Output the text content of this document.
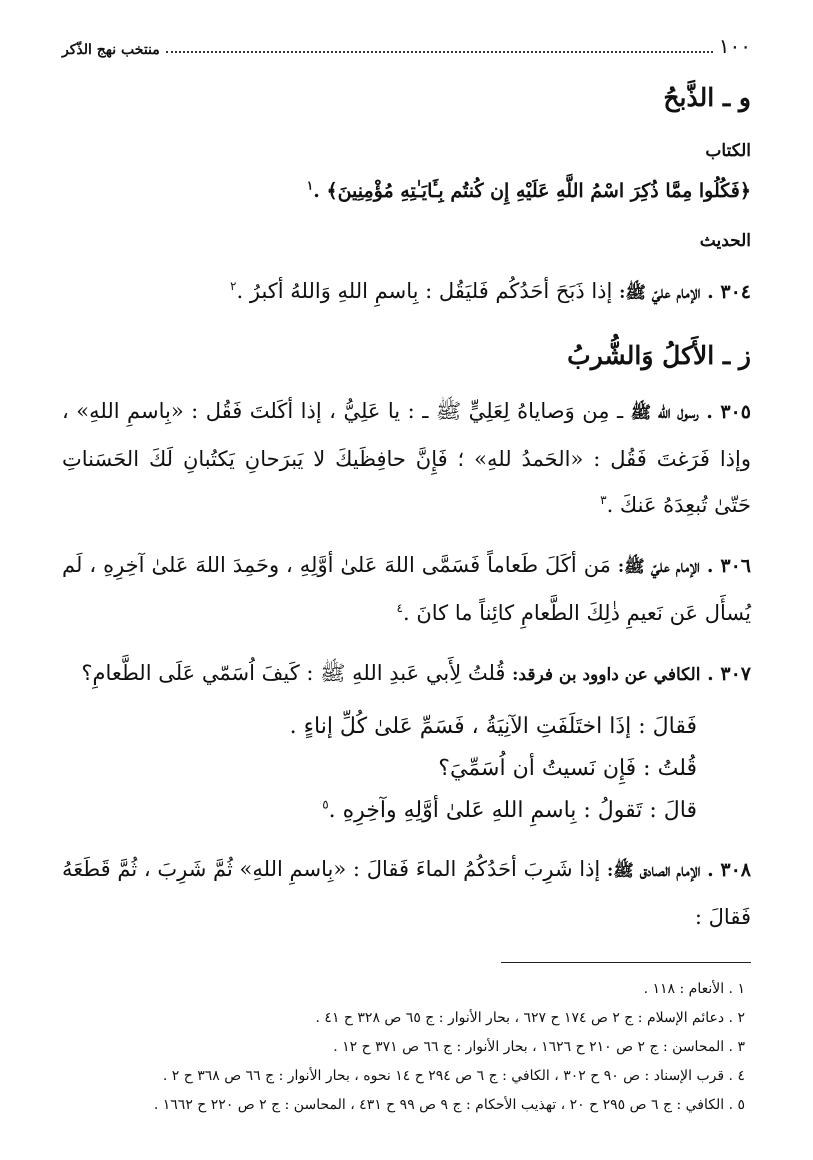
١٠٠
منتخب نهج الذّكر
و ـ الذَّبحُ
الكتاب
﴿فَكُلُوا مِمَّا ذُكِرَ اسْمُ اللَّهِ عَلَيْهِ إِن كُنتُم بِـَٔايَـٰتِهِ مُؤْمِنِينَ﴾ .$^١$
الحديث
٣٠٤ . الإمام عليّ ﷺ: إذا ذَبَحَ أحَدُكُم فَليَقُل : بِاسمِ اللهِ وَاللهُ أكبرُ .$^٢$
ز ـ الأَكلُ وَالشُّربُ
٣٠٥ . رسول الله ﷺ ـ مِن وَصاياهُ لِعَلِيٍّ ﷺ ـ : يا عَلِيُّ ، إذا أكَلتَ فَقُل : «بِاسمِ اللهِ» ، وإذا فَرَغتَ فَقُل : «الحَمدُ للهِ» ؛ فَإِنَّ حافِظَيكَ لا يَبرَحانِ يَكتُبانِ لَكَ الحَسَناتِ حَتّىٰ تُبعِدَهُ عَنكَ .$^٣$
٣٠٦ . الإمام عليّ ﷺ: مَن أكَلَ طَعاماً فَسَمَّى اللهَ عَلىٰ أوَّلِهِ ، وحَمِدَ اللهَ عَلىٰ آخِرِهِ ، لَم يُسأَل عَن نَعيمِ ذٰلِكَ الطَّعامِ كائِناً ما كانَ .$^٤$
٣٠٧ . الكافي عن داوود بن فرقد: قُلتُ لِأَبي عَبدِ اللهِ ﷺ : كَيفَ اُسَمّي عَلَى الطَّعامِ؟

فَقالَ : إذَا اختَلَفَتِ الآنِيَةُ ، فَسَمِّ عَلىٰ كُلِّ إناءٍ .

قُلتُ : فَإِن نَسيتُ أن اُسَمِّيَ؟

قالَ : تَقولُ : بِاسمِ اللهِ عَلىٰ أوَّلِهِ وآخِرِهِ .$^٥$

٣٠٨ . الإمام الصادق ﷺ: إذا شَرِبَ أحَدُكُمُ الماءَ فَقالَ : «بِاسمِ اللهِ» ثُمَّ شَرِبَ ، ثُمَّ قَطَعَهُ فَقالَ :
١ . الأنعام : ١١٨ .
٢ . دعائم الإسلام : ج ٢ ص ١٧٤ ح ٦٢٧ ، بحار الأنوار : ج ٦٥ ص ٣٢٨ ح ٤١ .
٣ . المحاسن : ج ٢ ص ٢١٠ ح ١٦٢٦ ، بحار الأنوار : ج ٦٦ ص ٣٧١ ح ١٢ .
٤ . قرب الإسناد : ص ٩٠ ح ٣٠٢ ، الكافي : ج ٦ ص ٢٩٤ ح ١٤ نحوه ، بحار الأنوار : ج ٦٦ ص ٣٦٨ ح ٢ .
٥ . الكافي : ج ٦ ص ٢٩٥ ح ٢٠ ، تهذيب الأحكام : ج ٩ ص ٩٩ ح ٤٣١ ، المحاسن : ج ٢ ص ٢٢٠ ح ١٦٦٢ .
